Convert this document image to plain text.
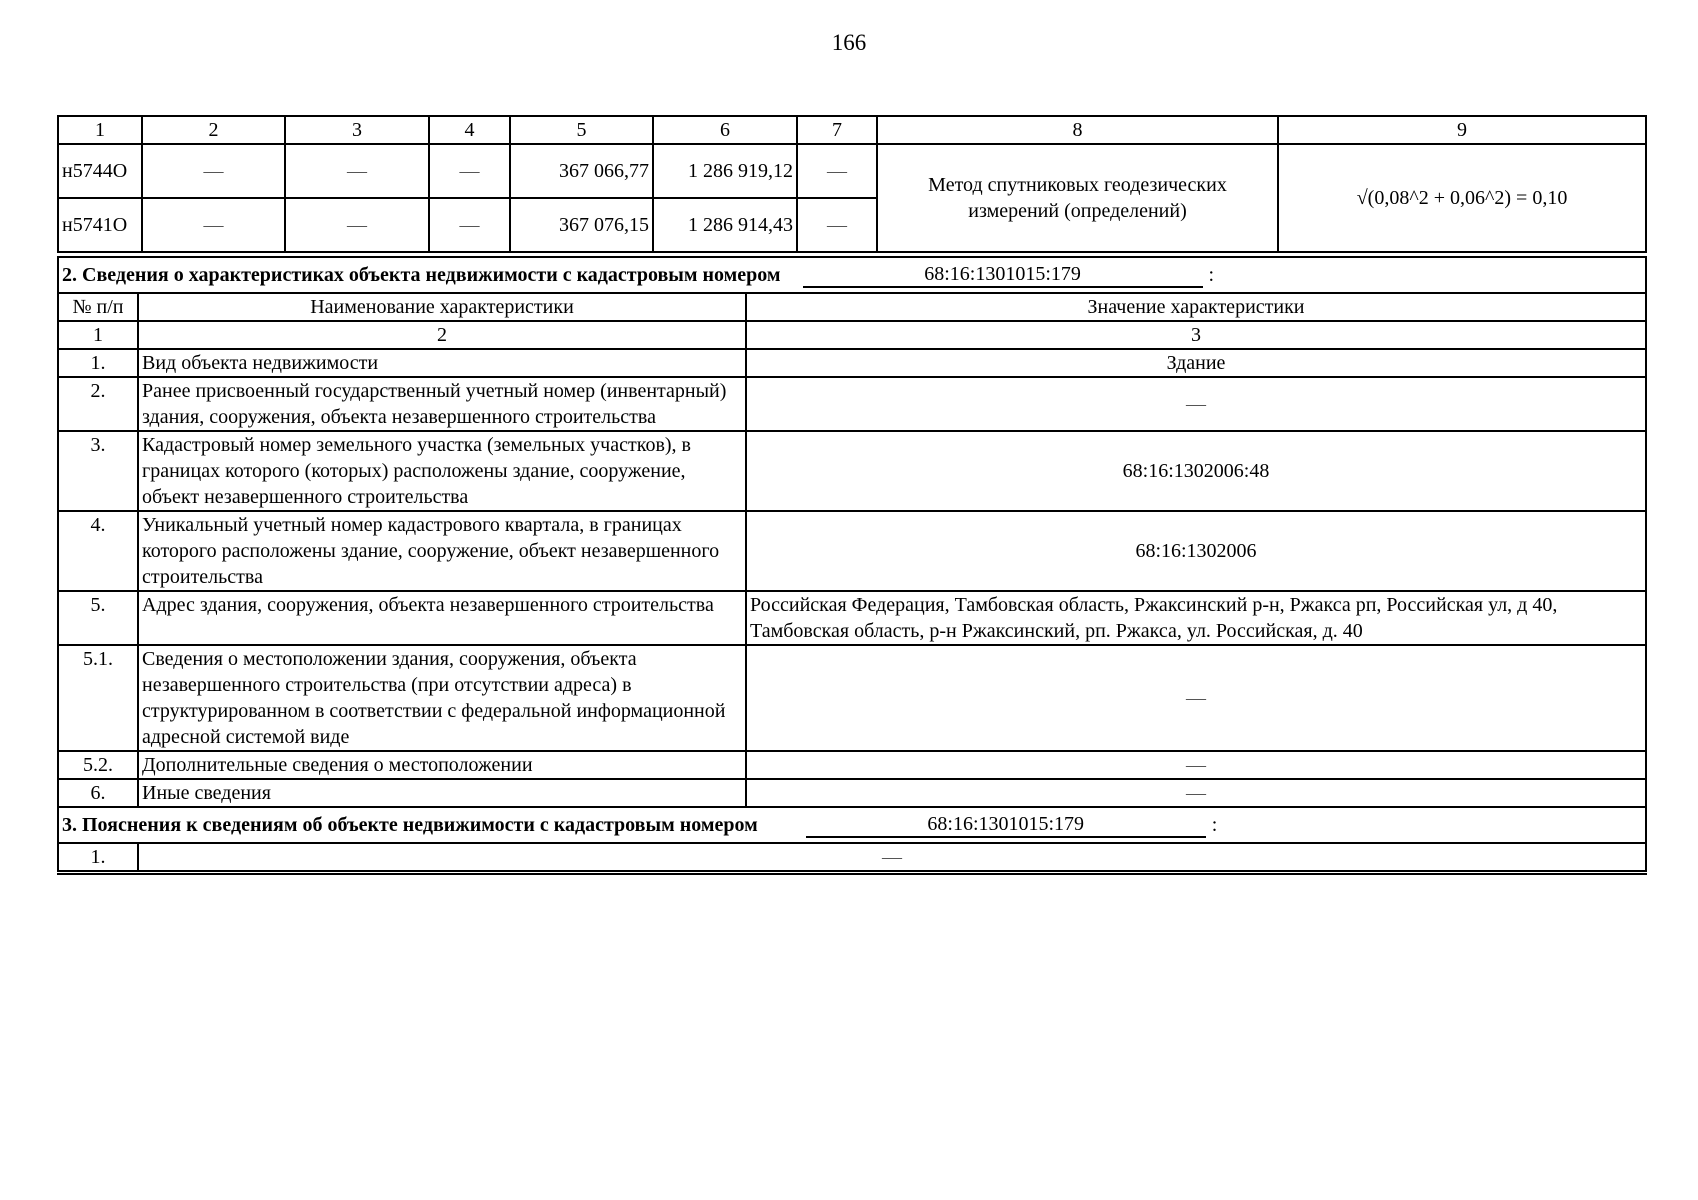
166
1	2	3	4	5	6	7	8	9
н5744О	—	—	—	367 066,77	1 286 919,12	—	Метод спутниковых геодезических измерений (определений)	√(0,08^2 + 0,06^2) = 0,10
н5741О	—	—	—	367 076,15	1 286 914,43	—		
2. Сведения о характеристиках объекта недвижимости с кадастровым номером 68:16:1301015:179 :		

№ п/п	Наименование характеристики	Значение характеристики
1	2	3
1.	Вид объекта недвижимости	Здание
2.	Ранее присвоенный государственный учетный номер (инвентарный) здания, сооружения, объекта незавершенного строительства	—
3.	Кадастровый номер земельного участка (земельных участков), в границах которого (которых) расположены здание, сооружение, объект незавершенного строительства	68:16:1302006:48
4.	Уникальный учетный номер кадастрового квартала, в границах которого расположены здание, сооружение, объект незавершенного строительства	68:16:1302006
5.	Адрес здания, сооружения, объекта незавершенного строительства	Российская Федерация, Тамбовская область, Ржаксинский р-н, Ржакса рп, Российская ул, д 40, Тамбовская область, р-н Ржаксинский, рп. Ржакса, ул. Российская, д. 40
5.1.	Сведения о местоположении здания, сооружения, объекта незавершенного строительства (при отсутствии адреса) в структурированном в соответствии с федеральной информационной адресной системой виде	—
5.2.	Дополнительные сведения о местоположении	—
6.	Иные сведения	—

3. Пояснения к сведениям об объекте недвижимости с кадастровым номером 68:16:1301015:179 :		

1.	—	
